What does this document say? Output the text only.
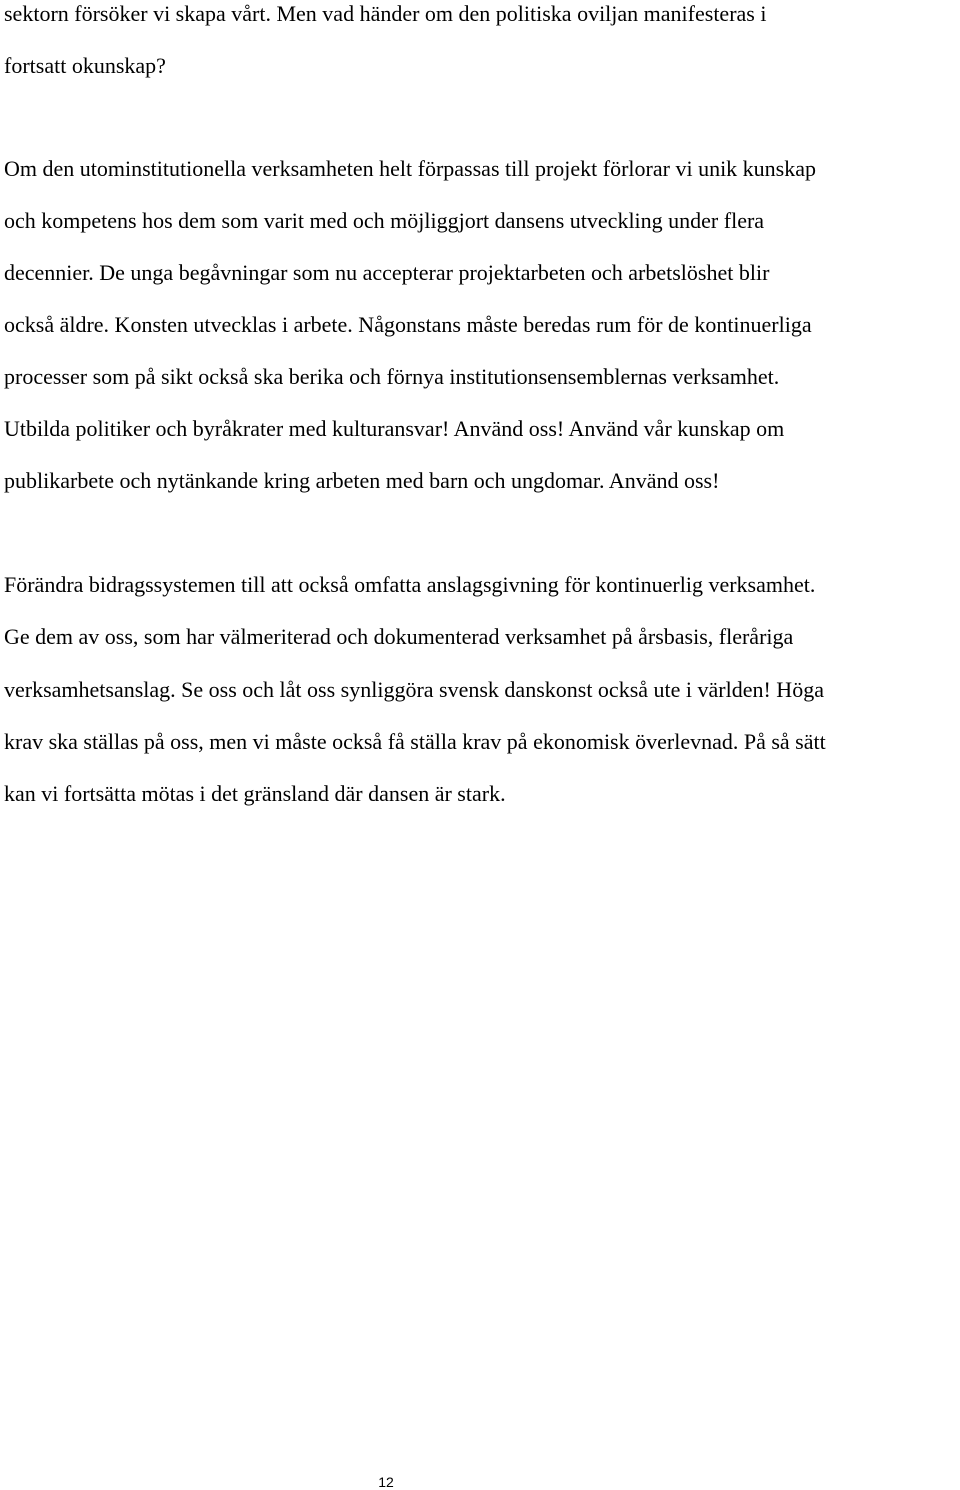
sektorn försöker vi skapa vårt. Men vad händer om den politiska oviljan manifesteras i
fortsatt okunskap?
Om den utominstitutionella verksamheten helt förpassas till projekt förlorar vi unik kunskap
och kompetens hos dem som varit med och möjliggjort dansens utveckling under flera
decennier. De unga begåvningar som nu accepterar projektarbeten och arbetslöshet blir
också äldre. Konsten utvecklas i arbete. Någonstans måste beredas rum för de kontinuerliga
processer som på sikt också ska berika och förnya institutionsensemblernas verksamhet.
Utbilda politiker och byråkrater med kulturansvar! Använd oss! Använd vår kunskap om
publikarbete och nytänkande kring arbeten med barn och ungdomar. Använd oss!
Förändra bidragssystemen till att också omfatta anslagsgivning för kontinuerlig verksamhet.
Ge dem av oss, som har välmeriterad och dokumenterad verksamhet på årsbasis, fleråriga
verksamhetsanslag. Se oss och låt oss synliggöra svensk danskonst också ute i världen! Höga
krav ska ställas på oss, men vi måste också få ställa krav på ekonomisk överlevnad. På så sätt
kan vi fortsätta mötas i det gränsland där dansen är stark.
12
